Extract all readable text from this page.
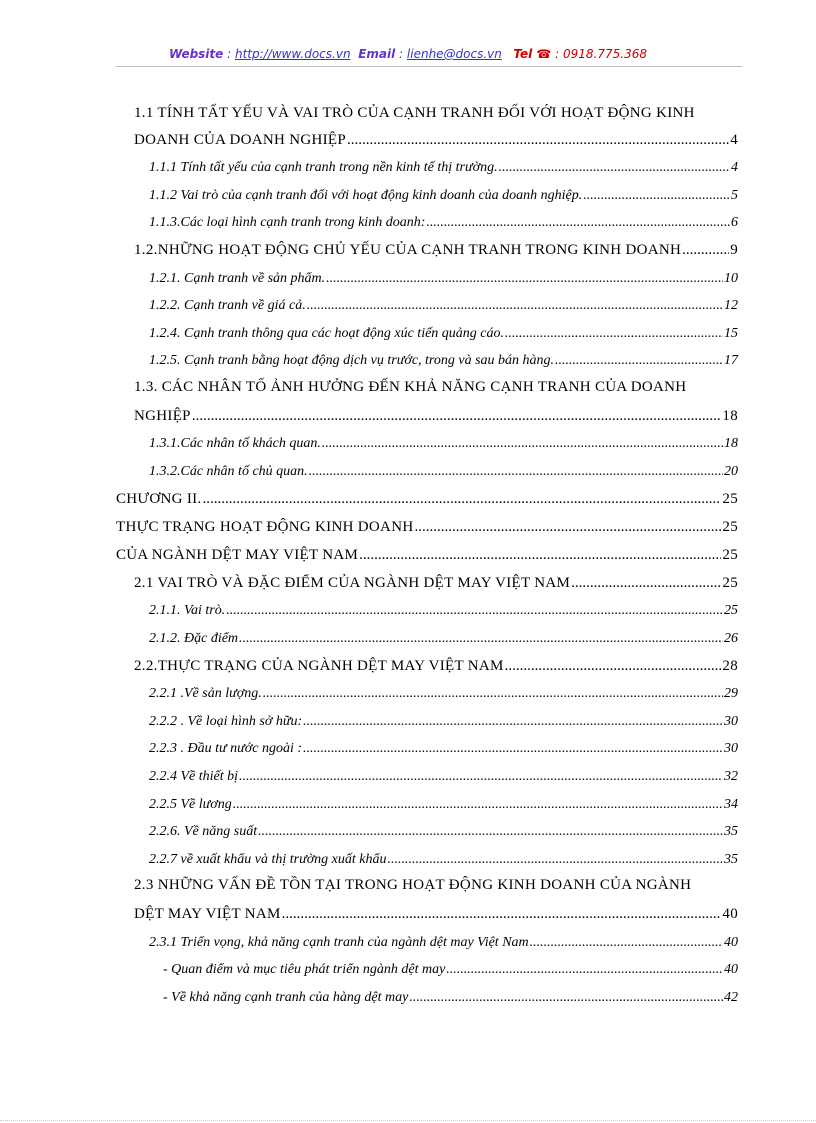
Website : http://www.docs.vn Email : lienhe@docs.vn Tel ☎ : 0918.775.368
1.1 TÍNH TẤT YẾU VÀ VAI TRÒ CỦA CẠNH TRANH ĐỐI VỚI HOẠT ĐỘNG KINH
DOANH CỦA DOANH NGHIỆP .....	4
1.1.1 Tính tất yếu của cạnh tranh trong nền kinh tế thị trường. .....	4
1.1.2 Vai trò của cạnh tranh đối với hoạt động kinh doanh của doanh nghiệp. .....	5
1.1.3.Các loại hình cạnh tranh trong kinh doanh: .....	6
1.2.NHỮNG HOẠT ĐỘNG CHỦ YẾU CỦA CẠNH TRANH TRONG KINH DOANH .....	9
1.2.1. Cạnh tranh về sản phẩm. .....	10
1.2.2. Cạnh tranh về giá cả. .....	12
1.2.4. Cạnh tranh thông qua các hoạt động xúc tiến quảng cáo. .....	15
1.2.5. Cạnh tranh bằng hoạt động dịch vụ trước, trong và sau bán hàng. .....	17
1.3. CÁC NHÂN TỐ ẢNH HƯỞNG ĐẾN KHẢ NĂNG CẠNH TRANH CỦA DOANH
NGHIỆP .....	18
1.3.1.Các nhân tố khách quan. .....	18
1.3.2.Các nhân tố chủ quan. .....	20
CHƯƠNG II. .....	25
THỰC TRẠNG HOẠT ĐỘNG KINH DOANH .....	25
CỦA NGÀNH DỆT MAY VIỆT NAM .....	25
2.1 VAI TRÒ VÀ ĐẶC ĐIỂM CỦA NGÀNH DỆT MAY VIỆT NAM .....	25
2.1.1. Vai trò. .....	25
2.1.2. Đặc điểm .....	26
2.2.THỰC TRẠNG CỦA NGÀNH DỆT MAY VIỆT NAM .....	28
2.2.1 .Về sản lượng. .....	29
2.2.2 . Về loại hình sở hữu: .....	30
2.2.3 . Đầu tư nước ngoài : .....	30
2.2.4 Về thiết bị .....	32
2.2.5 Về lương .....	34
2.2.6. Về năng suất .....	35
2.2.7 về xuất khẩu và thị trường xuất khẩu .....	35
2.3 NHỮNG VẤN ĐỀ TỒN TẠI TRONG HOẠT ĐỘNG KINH DOANH CỦA NGÀNH
DỆT MAY VIỆT NAM .....	40
2.3.1 Triển vọng, khả năng cạnh tranh của ngành dệt may Việt Nam .....	40
- Quan điểm và mục tiêu phát triển ngành dệt may .....	40
- Về khả năng cạnh tranh của hàng dệt may .....	42
